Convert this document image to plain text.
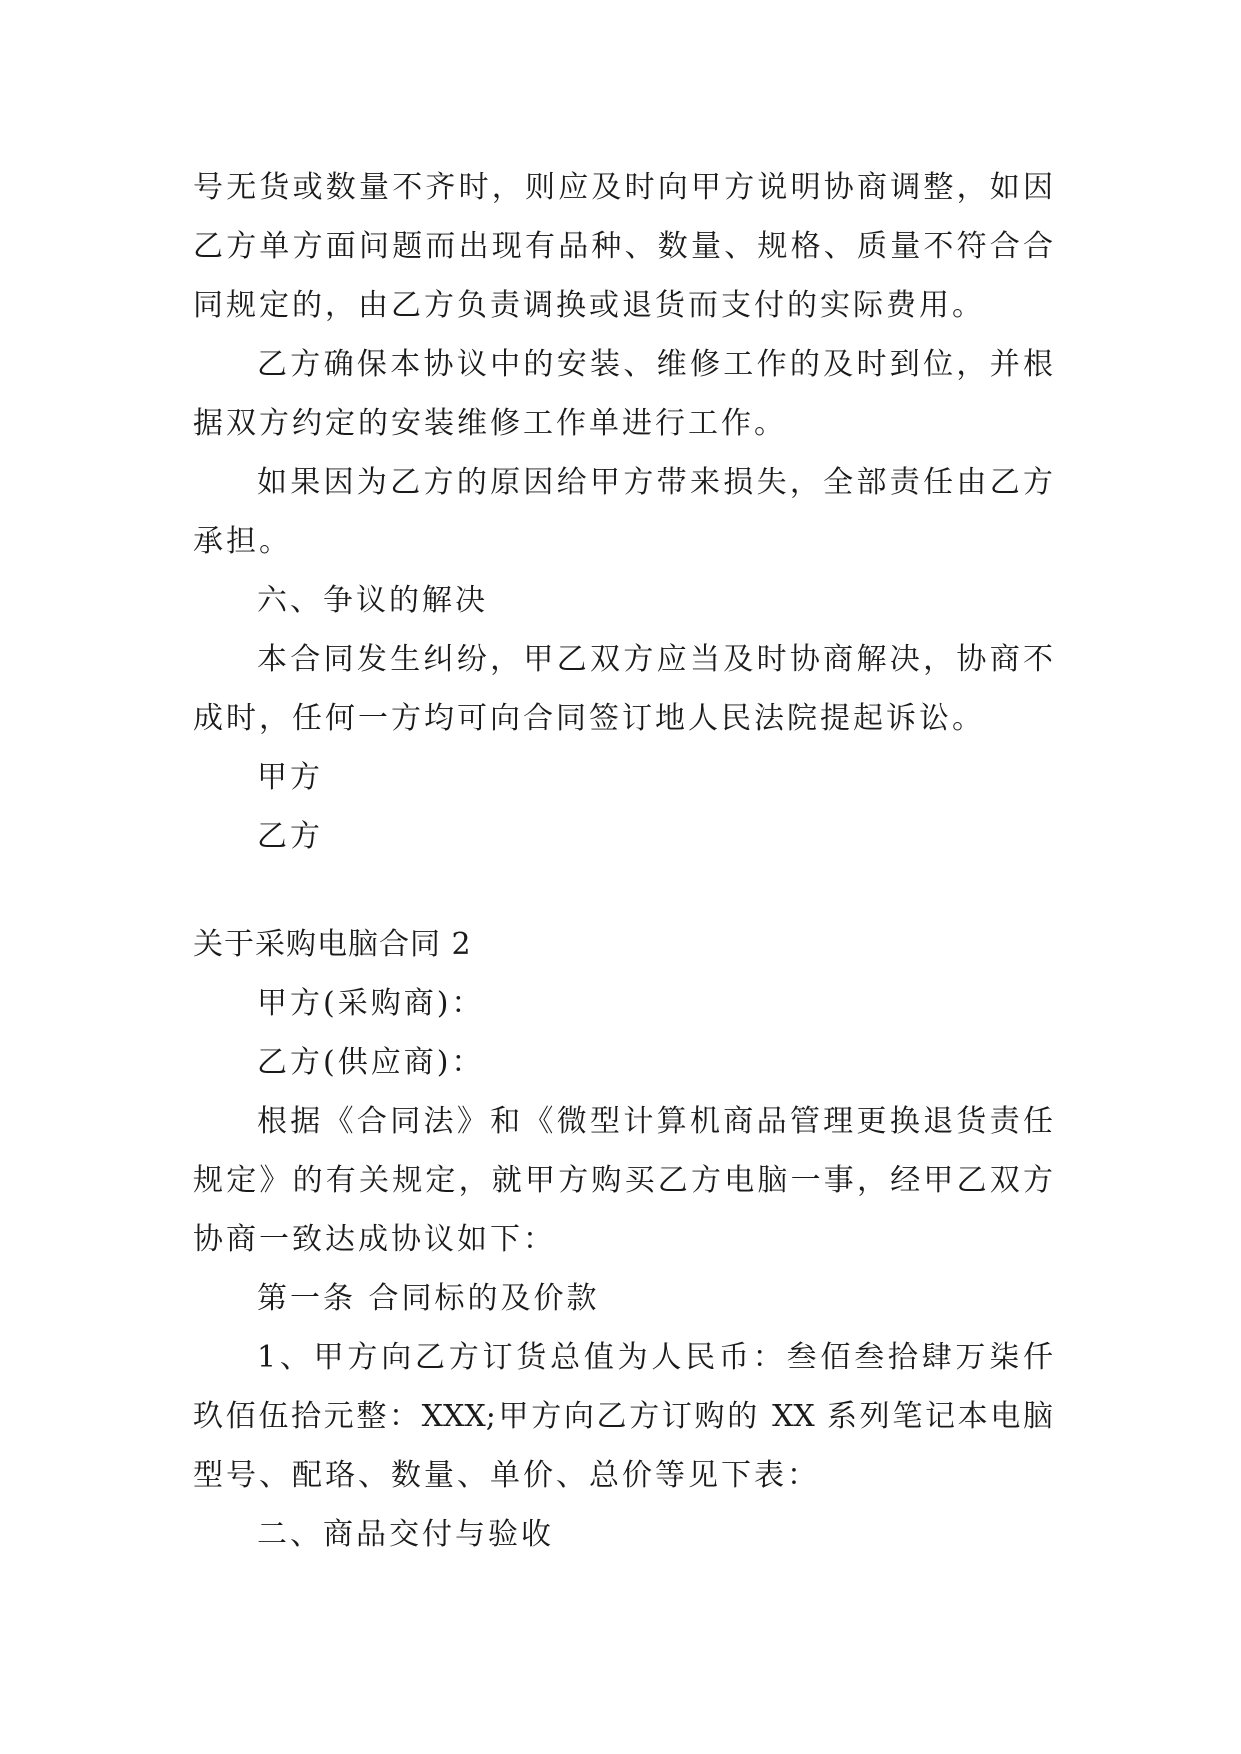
号无货或数量不齐时，则应及时向甲方说明协商调整，如因
乙方单方面问题而出现有品种、数量、规格、质量不符合合
同规定的，由乙方负责调换或退货而支付的实际费用。
乙方确保本协议中的安装、维修工作的及时到位，并根
据双方约定的安装维修工作单进行工作。
如果因为乙方的原因给甲方带来损失，全部责任由乙方
承担。
六、争议的解决
本合同发生纠纷，甲乙双方应当及时协商解决，协商不
成时，任何一方均可向合同签订地人民法院提起诉讼。
甲方
乙方
关于采购电脑合同 2
甲方(采购商)：
乙方(供应商)：
根据《合同法》和《微型计算机商品管理更换退货责任
规定》的有关规定，就甲方购买乙方电脑一事，经甲乙双方
协商一致达成协议如下：
第一条 合同标的及价款
1、甲方向乙方订货总值为人民币：叁佰叁拾肆万柒仟
玖佰伍拾元整：XXX;甲方向乙方订购的 XX 系列笔记本电脑
型号、配珞、数量、单价、总价等见下表：
二、商品交付与验收
